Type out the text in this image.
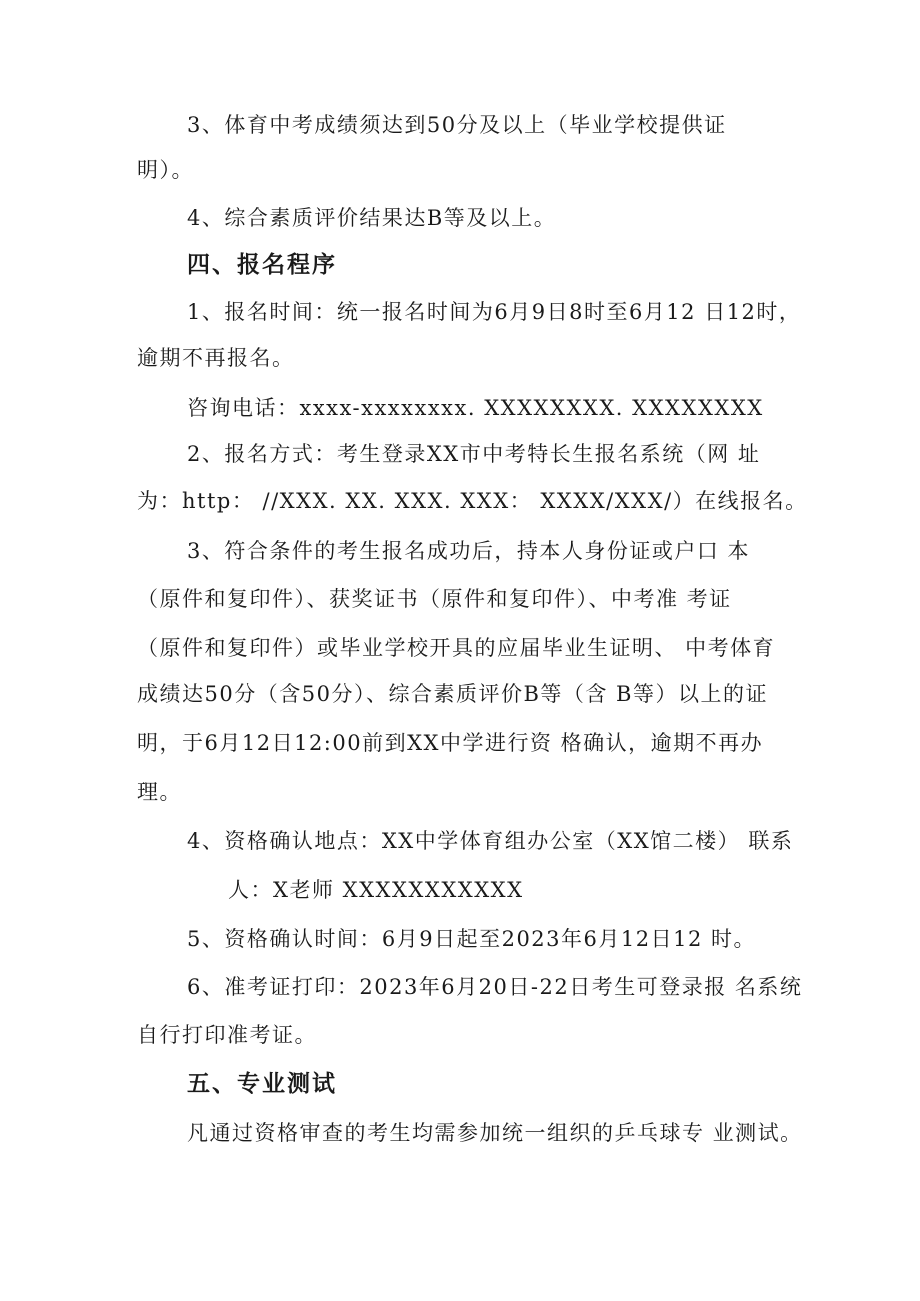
3、体育中考成绩须达到50分及以上（毕业学校提供证
明）。
4、综合素质评价结果达B等及以上。
四、报名程序
1、报名时间：统一报名时间为6月9日8时至6月12 日12时，
逾期不再报名。
咨询电话：xxxx-xxxxxxxx. XXXXXXXX. XXXXXXXX
2、报名方式：考生登录XX市中考特长生报名系统（网 址
为：http： //XXX. XX. XXX. XXX： XXXX/XXX/）在线报名。
3、符合条件的考生报名成功后，持本人身份证或户口 本
（原件和复印件）、获奖证书（原件和复印件）、中考准 考证
（原件和复印件）或毕业学校开具的应届毕业生证明、 中考体育
成绩达50分（含50分）、综合素质评价B等（含 B等）以上的证
明，于6月12日12:00前到XX中学进行资 格确认，逾期不再办
理。
4、资格确认地点：XX中学体育组办公室（XX馆二楼） 联系
人：X老师 XXXXXXXXXXX
5、资格确认时间：6月9日起至2023年6月12日12 时。
6、准考证打印：2023年6月20日-22日考生可登录报 名系统
自行打印准考证。
五、专业测试
凡通过资格审查的考生均需参加统一组织的乒乓球专 业测试。
